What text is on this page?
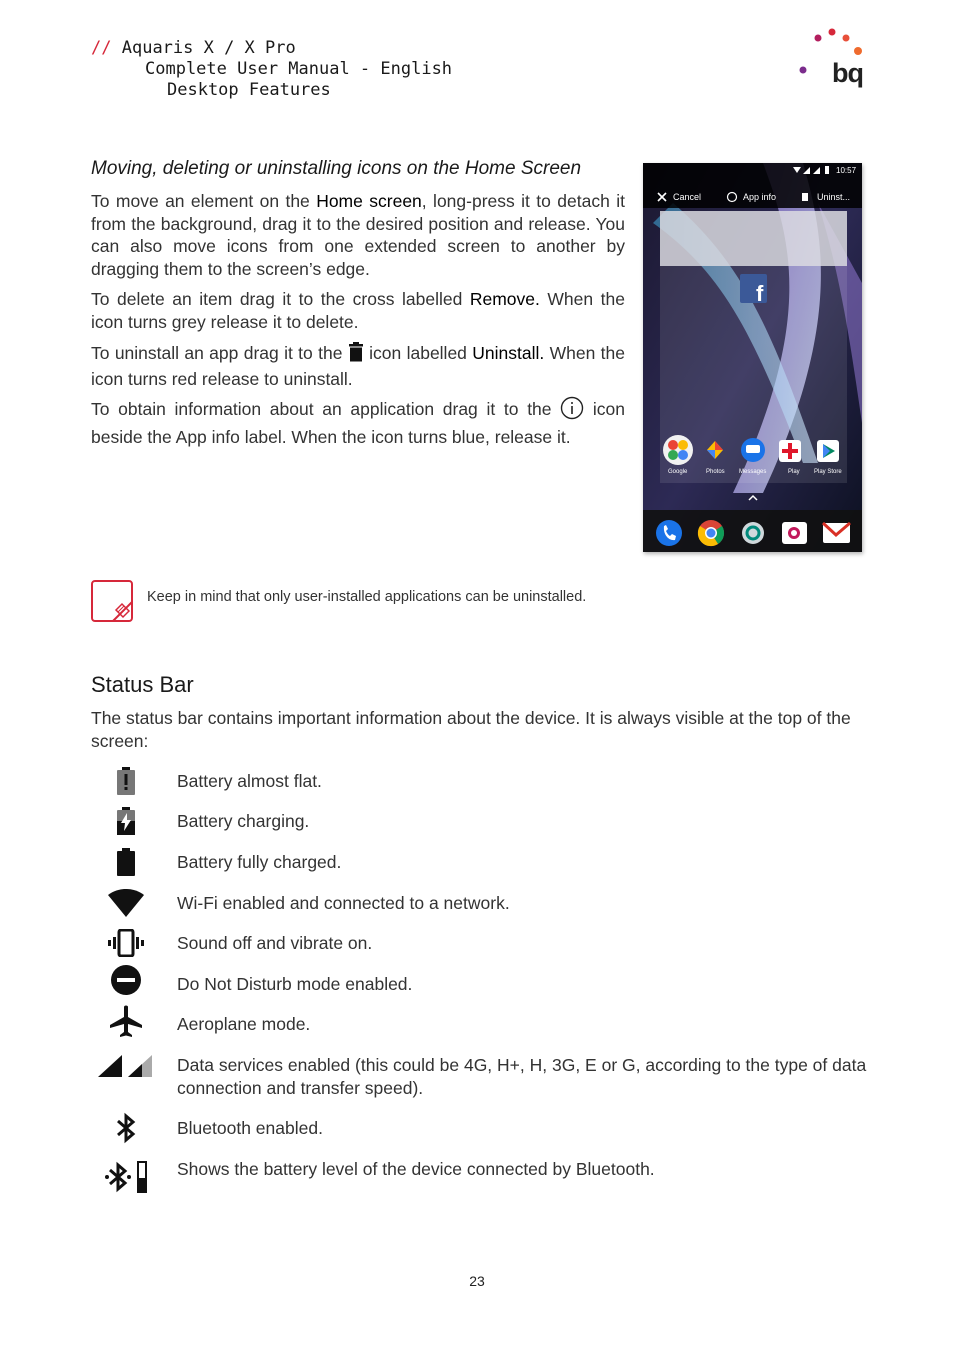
// Aquaris X / X Pro
Complete User Manual - English
Desktop Features
bq
Moving, deleting or uninstalling icons on the Home Screen
To move an element on the Home screen, long-press it to detach it from the background, drag it to the desired position and release. You can also move icons from one extended screen to another by dragging them to the screen’s edge.
To delete an item drag it to the cross labelled Remove. When the icon turns grey release it to delete.
To uninstall an app drag it to the  icon labelled Uninstall. When the icon turns red release to uninstall.
To obtain information about an application drag it to the  icon beside the App info label. When the icon turns blue, release it.
f
10:57
Cancel	App info	Uninst...
Google	Photos Messages	Play Play Store
Keep in mind that only user-installed applications can be uninstalled.
Status Bar
The status bar contains important information about the device. It is always visible at the top of the screen:
Battery almost flat.
Battery charging.
Battery fully charged.
Wi-Fi enabled and connected to a network.
Sound off and vibrate on.
Do Not Disturb mode enabled.
Aeroplane mode.
Data services enabled (this could be 4G, H+, H, 3G, E or G, according to the type of data connection and transfer speed).
Bluetooth enabled.
Shows the battery level of the device connected by Bluetooth.
23
